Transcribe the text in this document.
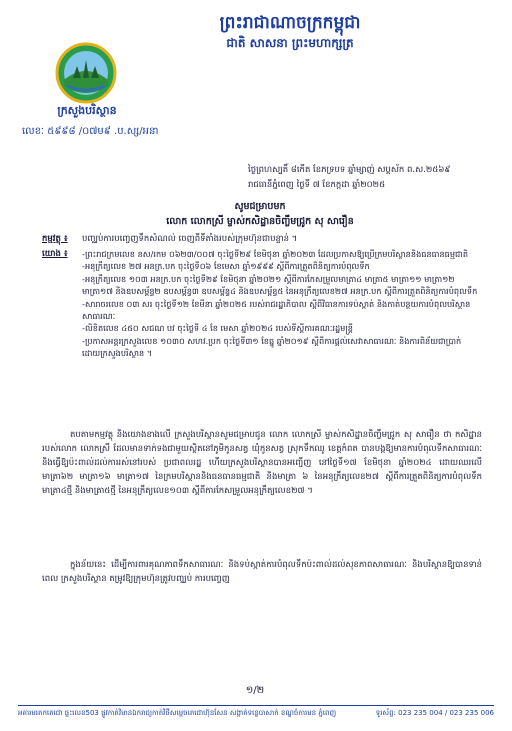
ព្រះរាជាណាចក្រកម្ពុជា
ជាតិ សាសនា ព្រះមហាក្សត្រ
ក្រសួងបរិស្ថាន
លេខៈ ៥៩៩៨ /០៧ម៩ .ប.ស្ស/អនា
ថ្ងៃព្រហស្បតិ៍ ៨កើត ខែភទ្របទ ឆ្នាំម្សាញ់ សប្តស័ក ព.ស.២៥៦៩
រាជធានីភ្នំពេញ ថ្ងៃទី ៧ ខែកក្កដា ឆ្នាំ២០២៥
សូមជម្រាបមក
លោក លោកស្រី ម្ចាស់កសិដ្ឋានចិញ្ចឹមជ្រូក សុ សារឿន
កម្មវត្ថុ ៖ បញ្ឈប់ការបញ្ចេញទឹកសំណល់ ចេញពីទីតាំងរបស់ក្រុមហ៊ុនជាបន្ទាន់ ។
យោង ៖ -ព្រះរាជក្រមលេខ នស/រកម ០៦២៣/០០៧ ចុះថ្ងៃទី២៩ ខែមិថុនា ឆ្នាំ២០២៣ ដែលប្រកាសឱ្យប្រើក្រមបរិស្ថាននិងធនធានធម្មជាតិ
-អនុក្រឹត្យលេខ ២៧ អនក្រ.បក ចុះថ្ងៃទី០៦ ខែមេសា ឆ្នាំ១៩៩៩ ស្តីពីការត្រួតពិនិត្យការបំពុលទឹក
-អនុក្រឹត្យលេខ ១០៣ អនក្រ.បក ចុះថ្ងៃទី២៩ ខែមិថុនា ឆ្នាំ២០២១ ស្តីពីការកែសម្រួលមាត្រា៤ មាត្រា៥ មាត្រា១១ មាត្រា១២ មាត្រា១៧ និងឧបសម្ព័ន្ធ២ ឧបសម្ព័ន្ធ៣ ឧបសម្ព័ន្ធ៤ និងឧបសម្ព័ន្ធ៥ នៃអនុក្រឹត្យលេខ២៧ អនក្រ.បក ស្តីពីការត្រួតពិនិត្យការបំពុលទឹក
-សារាចរលេខ ០៣ សរ ចុះថ្ងៃទី១២ ខែមីនា ឆ្នាំ២០២៥ របស់រាជរដ្ឋាភិបាល ស្តីពីវិធានការទប់ស្កាត់ និងកាត់បន្ថយការបំពុលបរិស្ថានសាធារណៈ
-លិខិតលេខ ៤៥០ សជណ បវ ចុះថ្ងៃទី ៤ ខែ មេសា ឆ្នាំ២០២៤ របស់ទីស្តីការគណៈរដ្ឋមន្ត្រី
-ប្រកាសអន្តរក្រសួងលេខ ១០៣០ សហវ.ប្រក ចុះថ្ងៃទី៣១ ខែធ្នូ ឆ្នាំ២០១៩ ស្តីពីការផ្តល់សេវាសាធារណៈ និងការពិន័យជាប្រាក់ ដោយក្រសួងបរិស្ថាន ។
តបតាមកម្មវត្ថុ និងយោងខាងលើ ក្រសួងបរិស្ថានសូមជម្រាបជូន លោក លោកស្រី ម្ចាស់កសិដ្ឋានចិញ្ចឹមជ្រូក សុ សារឿន ថា កសិដ្ឋាន របស់លោក លោកស្រី ដែលមានទាក់ទងជាមួយស្ថិតនៅភូមិកូនសត្វ ឃុំកូនសត្វ ស្រុកទឹកឈូ ខេត្តកំពត បានបង្កឱ្យមានការបំពុលទឹកសាធារណៈ និងធ្វើឱ្យប៉ះពាល់ដល់ការរស់នៅរបស់ ប្រជាពលរដ្ឋ ហើយក្រសួងបរិស្ថានបានអញ្ជើញ នៅថ្ងៃទី១៧ ខែមិថុនា ឆ្នាំ២០២៤ ដោយឈរលើមាត្រា៦២ មាត្រា១៦ មាត្រា១៧ នៃក្រមបរិស្ថាននិងធនធានធម្មជាតិ និងមាត្រា ៦ នៃអនុក្រឹត្យលេខ២៧ ស្តីពីការត្រួតពិនិត្យការបំពុលទឹក មាត្រា៤ថ្មី និងមាត្រា៥ថ្មី នៃអនុក្រឹត្យលេខ១០៣ ស្តីពីការកែសម្រួលអនុក្រឹត្យលេខ២៧ ។
ក្នុងន័យនេះ ដើម្បីការពារគុណភាពទឹកសាធារណៈ និងទប់ស្កាត់ការបំពុលទឹកប៉ះពាល់ដល់សុខភាពសាធារណៈ និងបរិស្ថានឱ្យបានទាន់ពេល ក្រសួងបរិស្ថាន តម្រូវឱ្យក្រុមហ៊ុនត្រូវបញ្ឈប់ ការបញ្ចេញ
១/២
អគារមរតកតេជោ ផ្ទះលេខ503 ផ្លូវកាត់វិមានឯករាជ្យកាត់វិថីសម្តេចតេជោហ៊ុនសែន សង្កាត់ទន្លេបាសាក់ ខណ្ឌចំការមន ភ្នំពេញ	ទូរស័ព្ទ: 023 235 004 / 023 235 006
